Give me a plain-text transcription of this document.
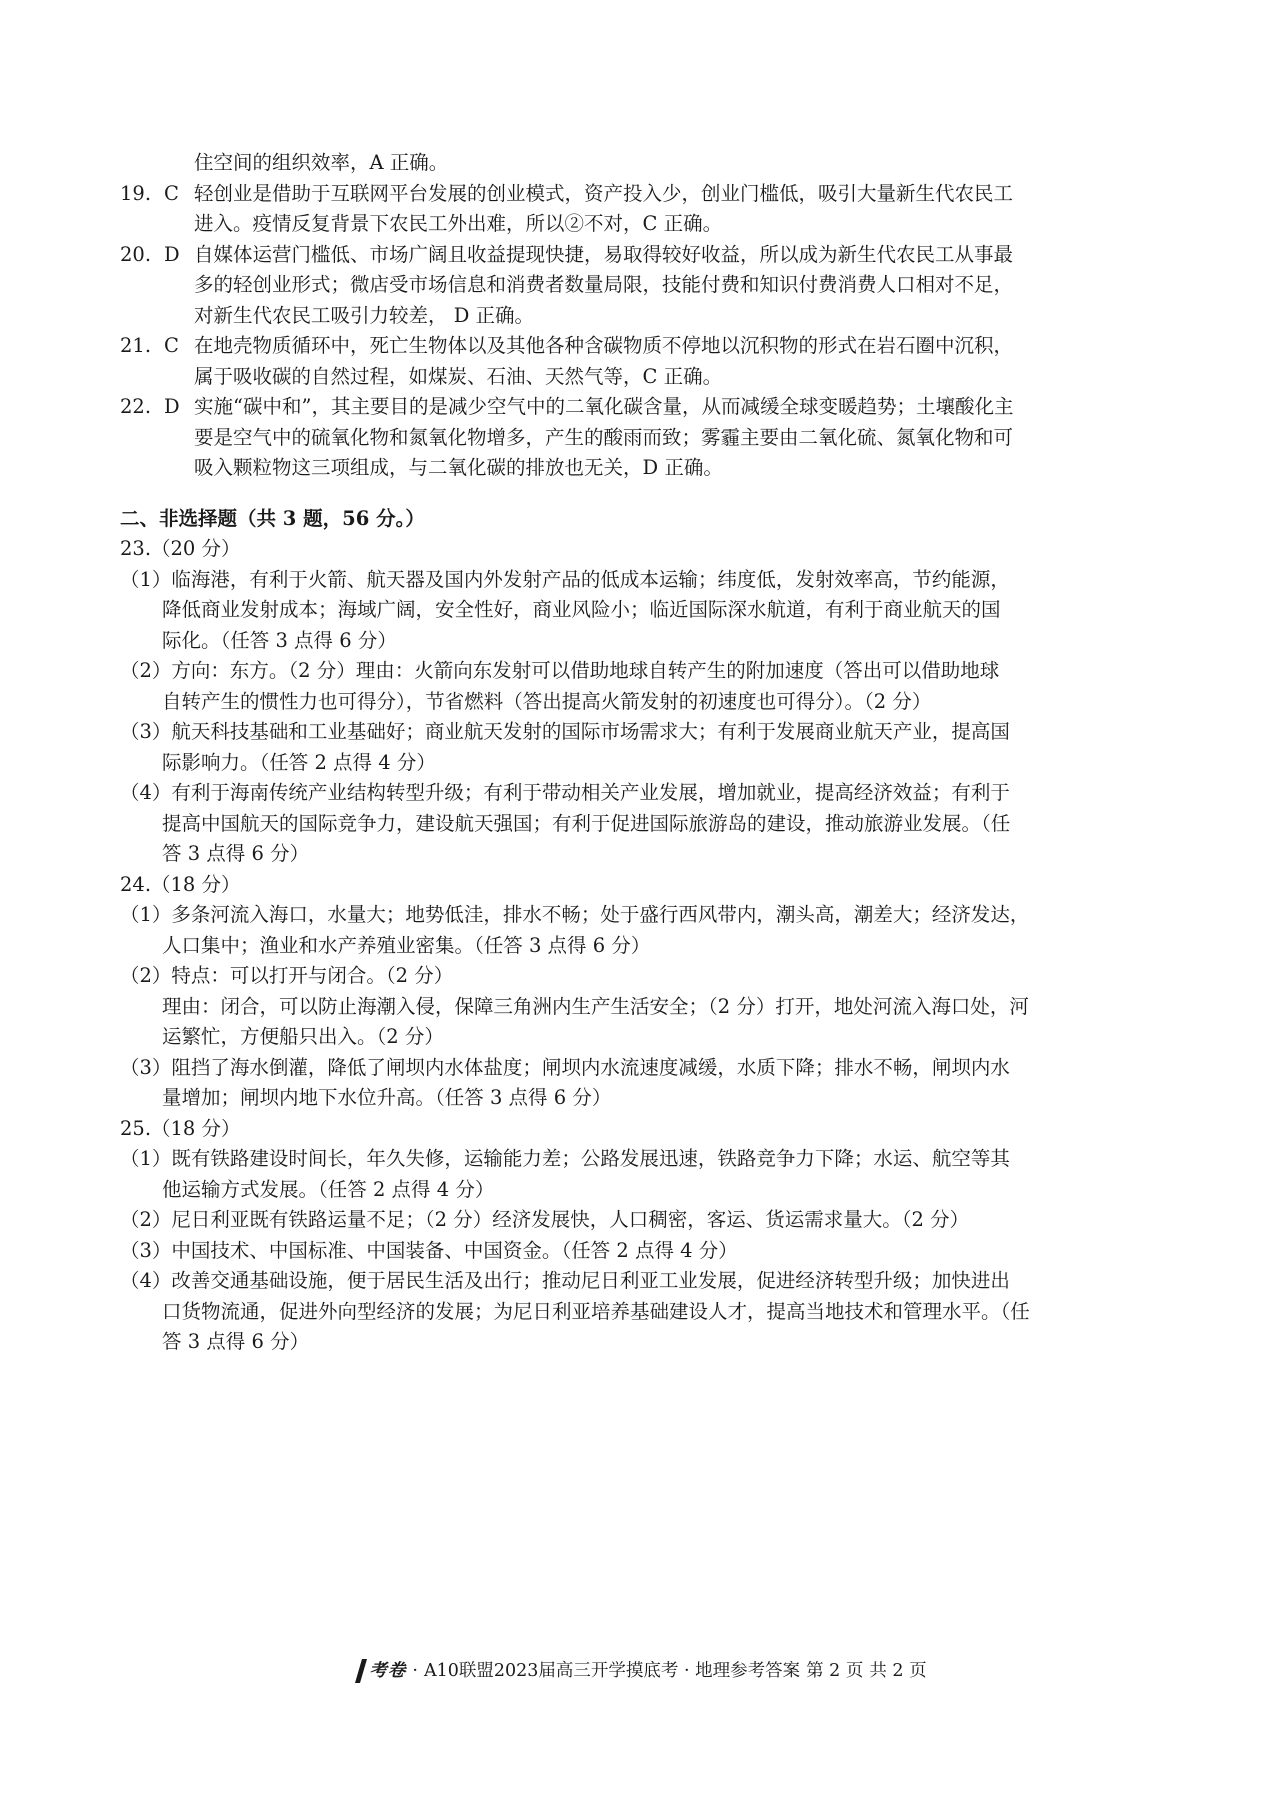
住空间的组织效率，A 正确。
19. C 轻创业是借助于互联网平台发展的创业模式，资产投入少，创业门槛低，吸引大量新生代农民工
进入。疫情反复背景下农民工外出难，所以②不对，C 正确。
20. D 自媒体运营门槛低、市场广阔且收益提现快捷，易取得较好收益，所以成为新生代农民工从事最
多的轻创业形式；微店受市场信息和消费者数量局限，技能付费和知识付费消费人口相对不足，
对新生代农民工吸引力较差， D 正确。
21. C 在地壳物质循环中，死亡生物体以及其他各种含碳物质不停地以沉积物的形式在岩石圈中沉积，
属于吸收碳的自然过程，如煤炭、石油、天然气等，C 正确。
22. D 实施“碳中和”，其主要目的是减少空气中的二氧化碳含量，从而减缓全球变暖趋势；土壤酸化主
要是空气中的硫氧化物和氮氧化物增多，产生的酸雨而致；雾霾主要由二氧化硫、氮氧化物和可
吸入颗粒物这三项组成，与二氧化碳的排放也无关，D 正确。
二、非选择题（共 3 题，56 分。）
23.（20 分）
（1） 临海港，有利于火箭、航天器及国内外发射产品的低成本运输；纬度低，发射效率高，节约能源，
降低商业发射成本；海域广阔，安全性好，商业风险小；临近国际深水航道，有利于商业航天的国
际化。（任答 3 点得 6 分）
（2） 方向：东方。（2 分）理由：火箭向东发射可以借助地球自转产生的附加速度（答出可以借助地球
自转产生的惯性力也可得分），节省燃料（答出提高火箭发射的初速度也可得分）。（2 分）
（3） 航天科技基础和工业基础好；商业航天发射的国际市场需求大；有利于发展商业航天产业，提高国
际影响力。（任答 2 点得 4 分）
（4） 有利于海南传统产业结构转型升级；有利于带动相关产业发展，增加就业，提高经济效益；有利于
提高中国航天的国际竞争力，建设航天强国；有利于促进国际旅游岛的建设，推动旅游业发展。（任
答 3 点得 6 分）
24.（18 分）
（1） 多条河流入海口，水量大；地势低洼，排水不畅；处于盛行西风带内，潮头高，潮差大；经济发达，
人口集中；渔业和水产养殖业密集。（任答 3 点得 6 分）
（2） 特点：可以打开与闭合。（2 分）
理由：闭合，可以防止海潮入侵，保障三角洲内生产生活安全；（2 分）打开，地处河流入海口处，河
运繁忙，方便船只出入。（2 分）
（3） 阻挡了海水倒灌，降低了闸坝内水体盐度；闸坝内水流速度减缓，水质下降；排水不畅，闸坝内水
量增加；闸坝内地下水位升高。（任答 3 点得 6 分）
25.（18 分）
（1） 既有铁路建设时间长，年久失修，运输能力差；公路发展迅速，铁路竞争力下降；水运、航空等其
他运输方式发展。（任答 2 点得 4 分）
（2） 尼日利亚既有铁路运量不足；（2 分）经济发展快，人口稠密，客运、货运需求量大。（2 分）
（3） 中国技术、中国标准、中国装备、中国资金。（任答 2 点得 4 分）
（4） 改善交通基础设施，便于居民生活及出行；推动尼日利亚工业发展，促进经济转型升级；加快进出
口货物流通，促进外向型经济的发展；为尼日利亚培养基础建设人才，提高当地技术和管理水平。（任
答 3 点得 6 分）
考卷 · A10联盟2023届高三开学摸底考 · 地理参考答案 第 2 页 共 2 页
